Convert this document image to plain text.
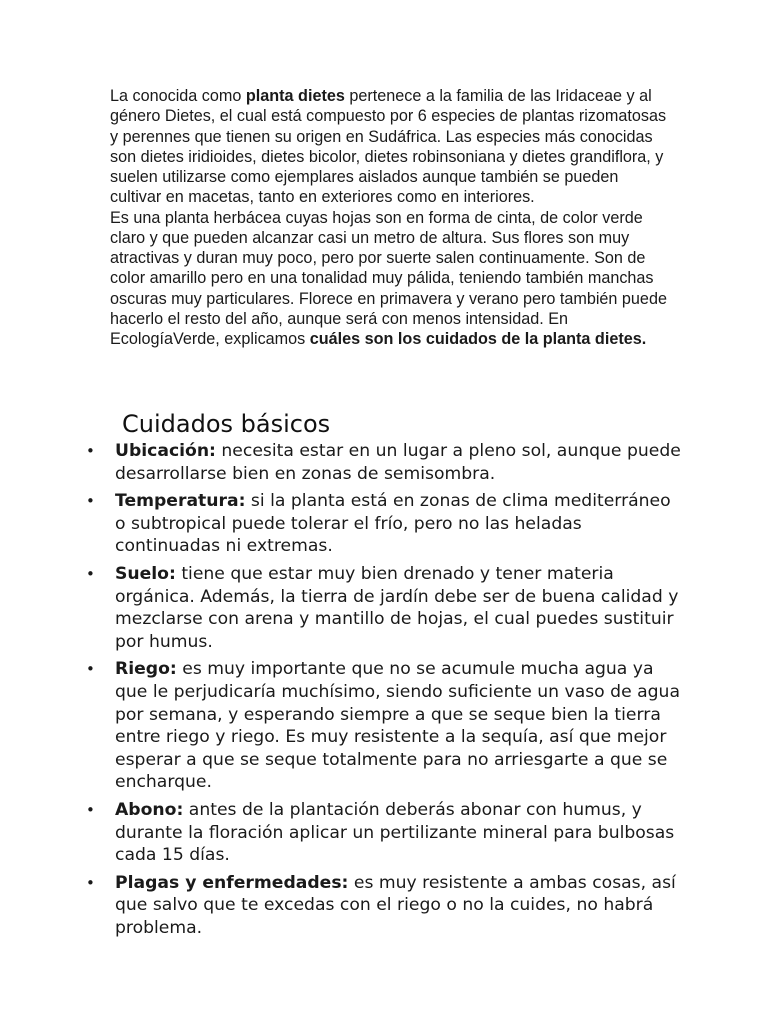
La conocida como planta dietes pertenece a la familia de las Iridaceae y al género Dietes, el cual está compuesto por 6 especies de plantas rizomatosas y perennes que tienen su origen en Sudáfrica. Las especies más conocidas son dietes iridioides, dietes bicolor, dietes robinsoniana y dietes grandiflora, y suelen utilizarse como ejemplares aislados aunque también se pueden cultivar en macetas, tanto en exteriores como en interiores.

Es una planta herbácea cuyas hojas son en forma de cinta, de color verde claro y que pueden alcanzar casi un metro de altura. Sus flores son muy atractivas y duran muy poco, pero por suerte salen continuamente. Son de color amarillo pero en una tonalidad muy pálida, teniendo también manchas oscuras muy particulares. Florece en primavera y verano pero también puede hacerlo el resto del año, aunque será con menos intensidad. En EcologíaVerde, explicamos cuáles son los cuidados de la planta dietes.

Cuidados básicos
• Ubicación: necesita estar en un lugar a pleno sol, aunque puede desarrollarse bien en zonas de semisombra.
• Temperatura: si la planta está en zonas de clima mediterráneo o subtropical puede tolerar el frío, pero no las heladas continuadas ni extremas.
• Suelo: tiene que estar muy bien drenado y tener materia orgánica. Además, la tierra de jardín debe ser de buena calidad y mezclarse con arena y mantillo de hojas, el cual puedes sustituir por humus.
• Riego: es muy importante que no se acumule mucha agua ya que le perjudicaría muchísimo, siendo suficiente un vaso de agua por semana, y esperando siempre a que se seque bien la tierra entre riego y riego. Es muy resistente a la sequía, así que mejor esperar a que se seque totalmente para no arriesgarte a que se encharque.
• Abono: antes de la plantación deberás abonar con humus, y durante la floración aplicar un pertilizante mineral para bulbosas cada 15 días.
• Plagas y enfermedades: es muy resistente a ambas cosas, así que salvo que te excedas con el riego o no la cuides, no habrá problema.
